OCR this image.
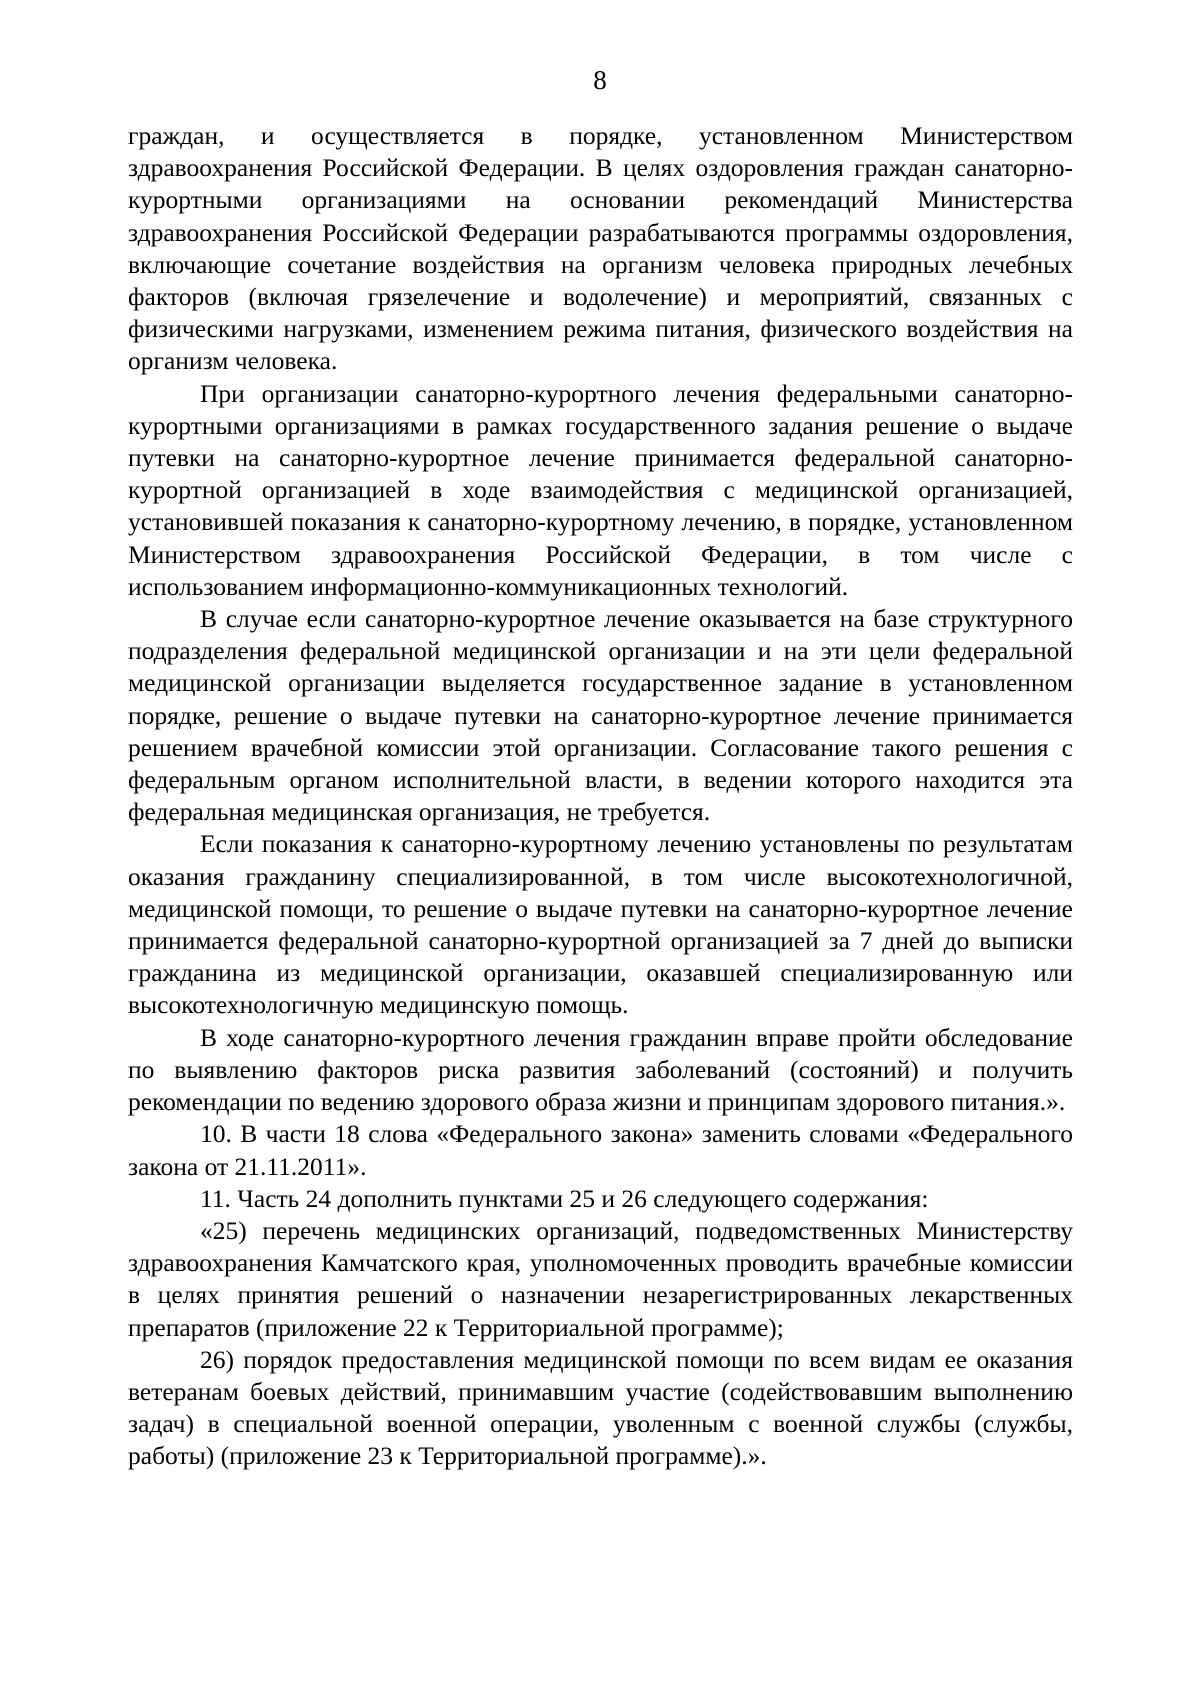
8

граждан, и осуществляется в порядке, установленном Министерством здравоохранения Российской Федерации. В целях оздоровления граждан санаторно-курортными организациями на основании рекомендаций Министерства здравоохранения Российской Федерации разрабатываются программы оздоровления, включающие сочетание воздействия на организм человека природных лечебных факторов (включая грязелечение и водолечение) и мероприятий, связанных с физическими нагрузками, изменением режима питания, физического воздействия на организм человека.

При организации санаторно-курортного лечения федеральными санаторно-курортными организациями в рамках государственного задания решение о выдаче путевки на санаторно-курортное лечение принимается федеральной санаторно-курортной организацией в ходе взаимодействия с медицинской организацией, установившей показания к санаторно-курортному лечению, в порядке, установленном Министерством здравоохранения Российской Федерации, в том числе с использованием информационно-коммуникационных технологий.

В случае если санаторно-курортное лечение оказывается на базе структурного подразделения федеральной медицинской организации и на эти цели федеральной медицинской организации выделяется государственное задание в установленном порядке, решение о выдаче путевки на санаторно-курортное лечение принимается решением врачебной комиссии этой организации. Согласование такого решения с федеральным органом исполнительной власти, в ведении которого находится эта федеральная медицинская организация, не требуется.

Если показания к санаторно-курортному лечению установлены по результатам оказания гражданину специализированной, в том числе высокотехнологичной, медицинской помощи, то решение о выдаче путевки на санаторно-курортное лечение принимается федеральной санаторно-курортной организацией за 7 дней до выписки гражданина из медицинской организации, оказавшей специализированную или высокотехнологичную медицинскую помощь.

В ходе санаторно-курортного лечения гражданин вправе пройти обследование по выявлению факторов риска развития заболеваний (состояний) и получить рекомендации по ведению здорового образа жизни и принципам здорового питания.».

10. В части 18 слова «Федерального закона» заменить словами «Федерального закона от 21.11.2011».

11. Часть 24 дополнить пунктами 25 и 26 следующего содержания:

«25) перечень медицинских организаций, подведомственных Министерству здравоохранения Камчатского края, уполномоченных проводить врачебные комиссии в целях принятия решений о назначении незарегистрированных лекарственных препаратов (приложение 22 к Территориальной программе);

26) порядок предоставления медицинской помощи по всем видам ее оказания ветеранам боевых действий, принимавшим участие (содействовавшим выполнению задач) в специальной военной операции, уволенным с военной службы (службы, работы) (приложение 23 к Территориальной программе).».
